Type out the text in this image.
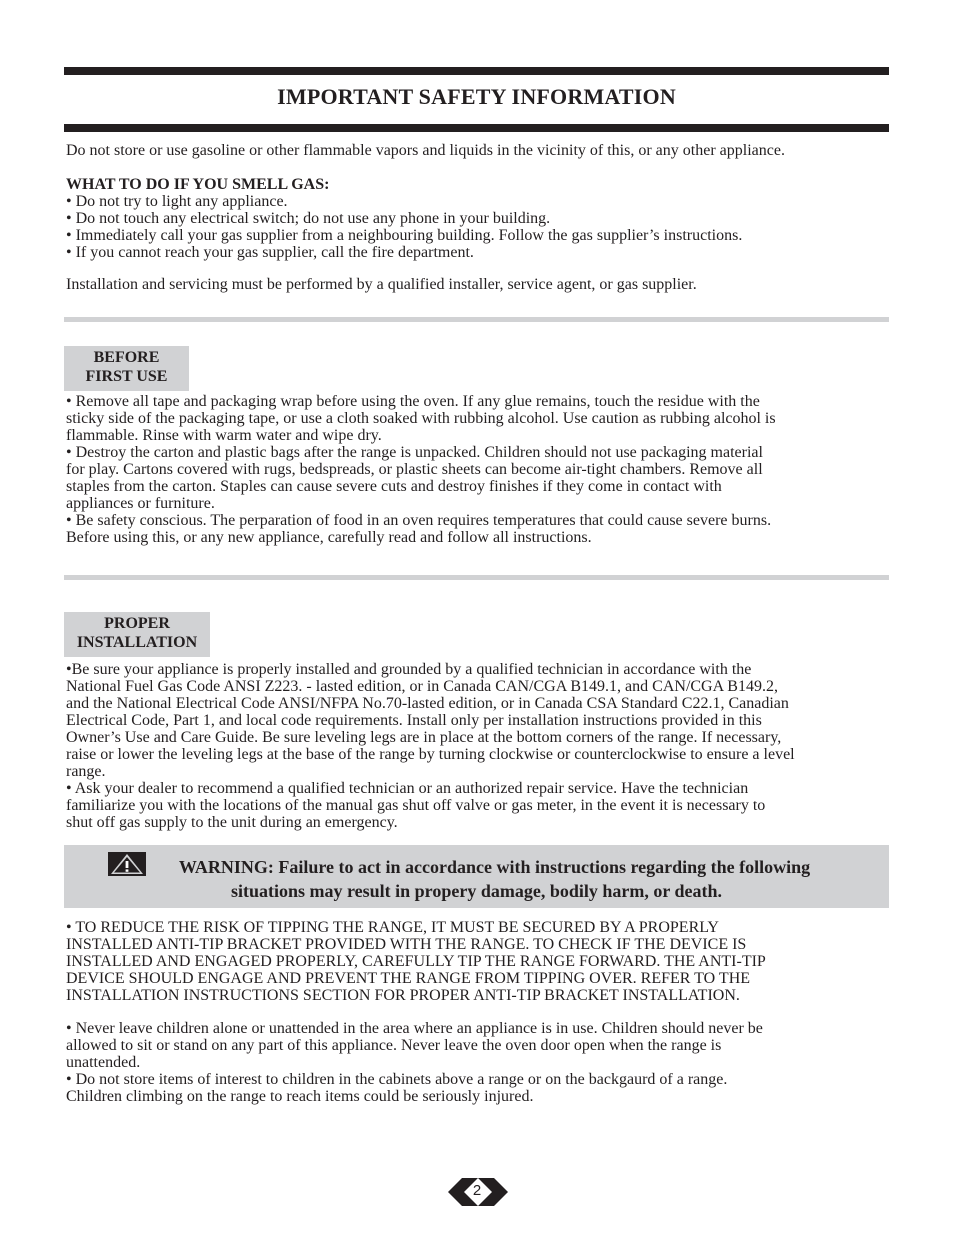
IMPORTANT SAFETY INFORMATION

Do not store or use gasoline or other flammable vapors and liquids in the vicinity of this, or any other appliance.

WHAT TO DO IF YOU SMELL GAS:
• Do not try to light any appliance.
• Do not touch any electrical switch; do not use any phone in your building.
• Immediately call your gas supplier from a neighbouring building. Follow the gas supplier’s instructions.
• If you cannot reach your gas supplier, call the fire department.

Installation and servicing must be performed by a qualified installer, service agent, or gas supplier.

BEFORE
FIRST USE
• Remove all tape and packaging wrap before using the oven. If any glue remains, touch the residue with the
sticky side of the packaging tape, or use a cloth soaked with rubbing alcohol. Use caution as rubbing alcohol is
flammable. Rinse with warm water and wipe dry.
• Destroy the carton and plastic bags after the range is unpacked. Children should not use packaging material
for play. Cartons covered with rugs, bedspreads, or plastic sheets can become air-tight chambers. Remove all
staples from the carton. Staples can cause severe cuts and destroy finishes if they come in contact with
appliances or furniture.
• Be safety conscious. The perparation of food in an oven requires temperatures that could cause severe burns.
Before using this, or any new appliance, carefully read and follow all instructions.
PROPER
INSTALLATION
•Be sure your appliance is properly installed and grounded by a qualified technician in accordance with the
National Fuel Gas Code ANSI Z223. - lasted edition, or in Canada CAN/CGA B149.1, and CAN/CGA B149.2,
and the National Electrical Code ANSI/NFPA No.70-lasted edition, or in Canada CSA Standard C22.1, Canadian
Electrical Code, Part 1, and local code requirements. Install only per installation instructions provided in this
Owner’s Use and Care Guide. Be sure leveling legs are in place at the bottom corners of the range. If necessary,
raise or lower the leveling legs at the base of the range by turning clockwise or counterclockwise to ensure a level
range.
• Ask your dealer to recommend a qualified technician or an authorized repair service. Have the technician
familiarize you with the locations of the manual gas shut off valve or gas meter, in the event it is necessary to
shut off gas supply to the unit during an emergency.
WARNING: Failure to act in accordance with instructions regarding the following
situations may result in propery damage, bodily harm, or death.
• TO REDUCE THE RISK OF TIPPING THE RANGE, IT MUST BE SECURED BY A PROPERLY
INSTALLED ANTI-TIP BRACKET PROVIDED WITH THE RANGE. TO CHECK IF THE DEVICE IS
INSTALLED AND ENGAGED PROPERLY, CAREFULLY TIP THE RANGE FORWARD. THE ANTI-TIP
DEVICE SHOULD ENGAGE AND PREVENT THE RANGE FROM TIPPING OVER. REFER TO THE
INSTALLATION INSTRUCTIONS SECTION FOR PROPER ANTI-TIP BRACKET INSTALLATION.
• Never leave children alone or unattended in the area where an appliance is in use. Children should never be
allowed to sit or stand on any part of this appliance. Never leave the oven door open when the range is
unattended.
• Do not store items of interest to children in the cabinets above a range or on the backgaurd of a range.
Children climbing on the range to reach items could be seriously injured.
2
